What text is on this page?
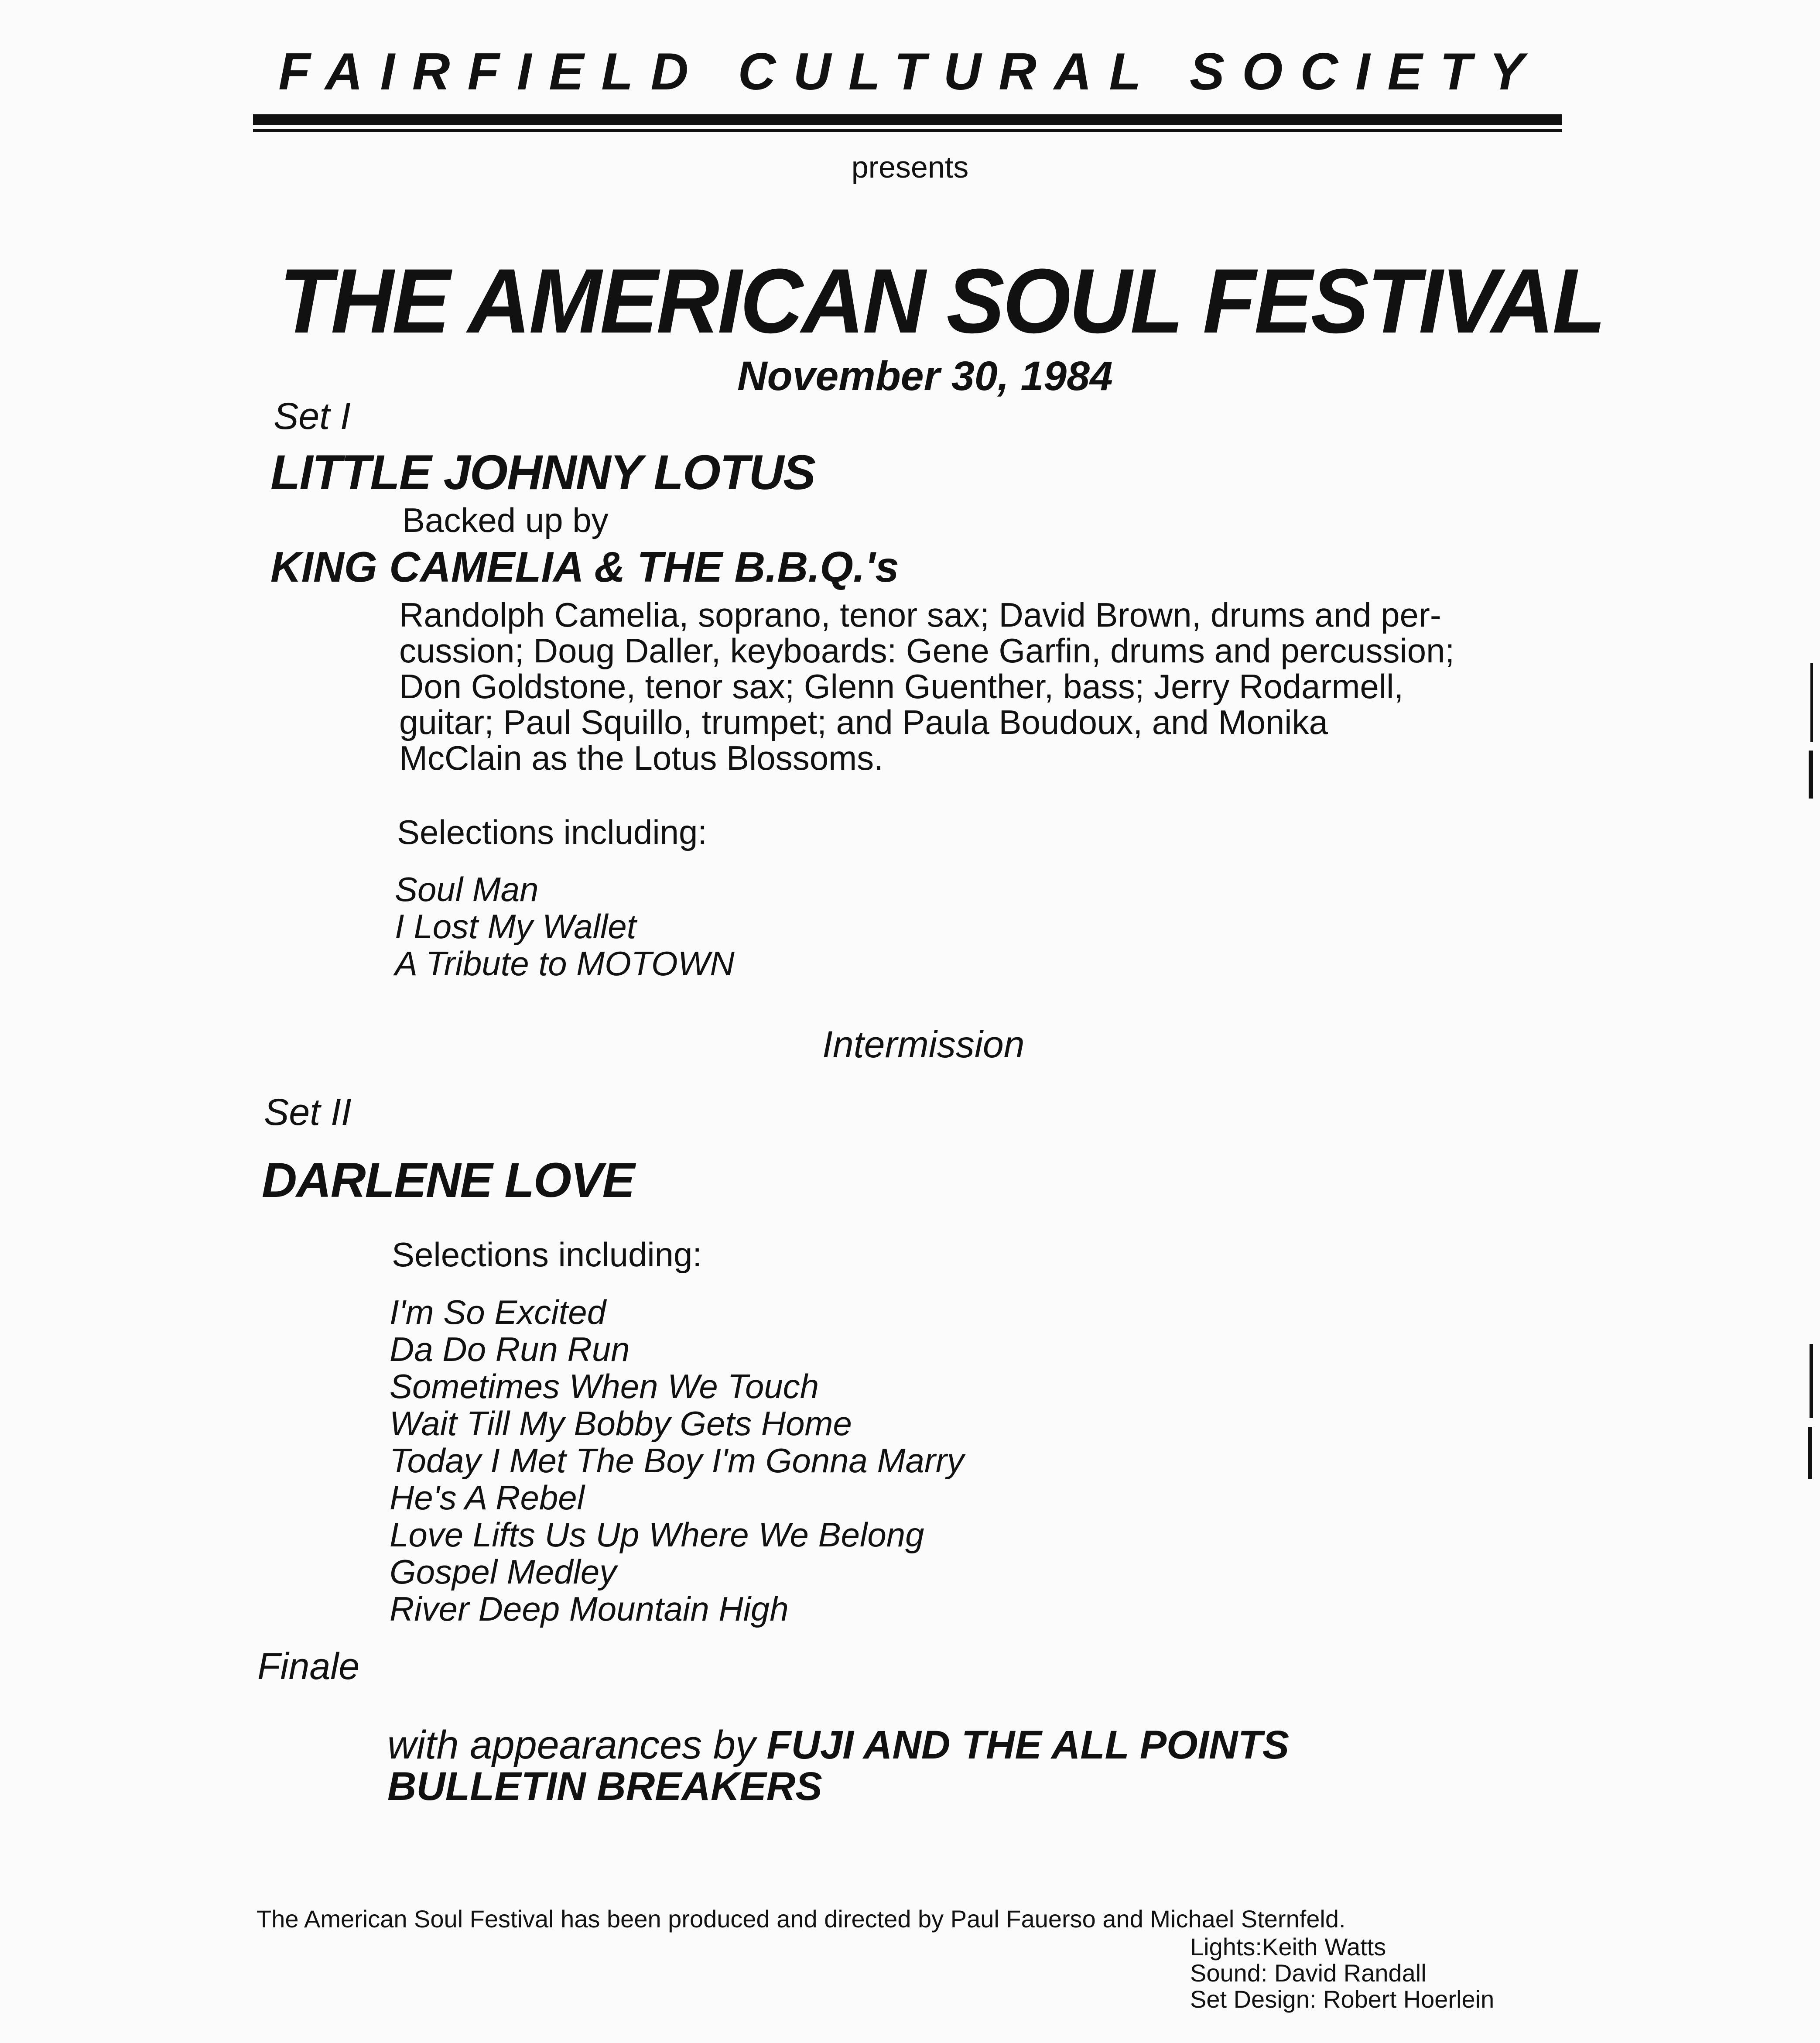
FAIRFIELD CULTURAL SOCIETY
presents
THE AMERICAN SOUL FESTIVAL
November 30, 1984
Set I
LITTLE JOHNNY LOTUS
Backed up by
KING CAMELIA & THE B.B.Q.'s
Randolph Camelia, soprano, tenor sax; David Brown, drums and per-cussion; Doug Daller, keyboards: Gene Garfin, drums and percussion; Don Goldstone, tenor sax; Glenn Guenther, bass; Jerry Rodarmell, guitar; Paul Squillo, trumpet; and Paula Boudoux, and Monika McClain as the Lotus Blossoms.
Selections including:
Soul Man
I Lost My Wallet
A Tribute to MOTOWN
Intermission
Set II
DARLENE LOVE
Selections including:
I'm So Excited
Da Do Run Run
Sometimes When We Touch
Wait Till My Bobby Gets Home
Today I Met The Boy I'm Gonna Marry
He's A Rebel
Love Lifts Us Up Where We Belong
Gospel Medley
River Deep Mountain High
Finale
with appearances by FUJI AND THE ALL POINTS BULLETIN BREAKERS
The American Soul Festival has been produced and directed by Paul Fauerso and Michael Sternfeld.
Lights:Keith Watts
Sound: David Randall
Set Design: Robert Hoerlein
